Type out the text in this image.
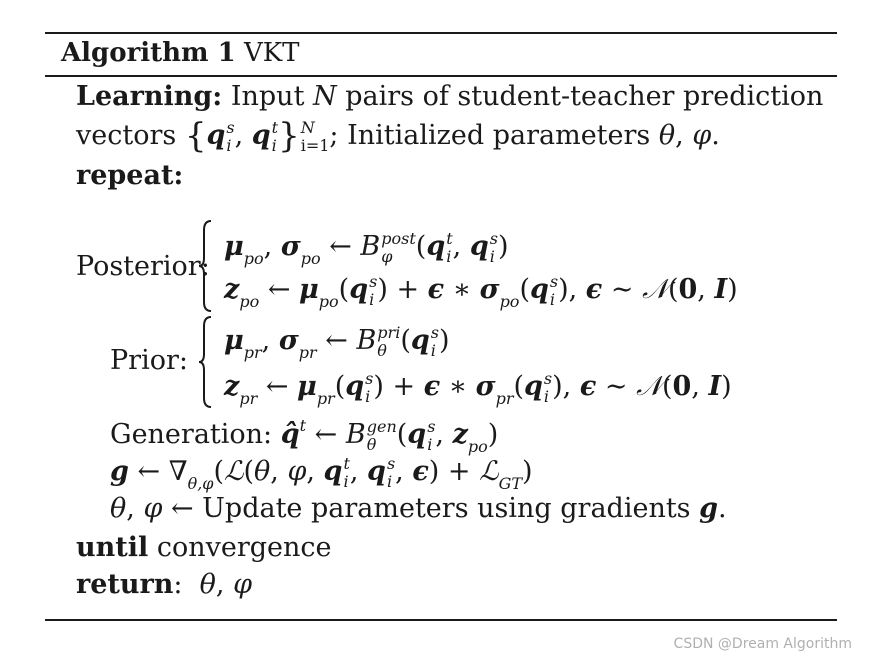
Algorithm 1 VKT
Learning: Input N pairs of student-teacher prediction
vectors {q s
i , q t
i } N
i=1 ; Initialized parameters θ, φ.
repeat:
Posterior:
$\mu_{po}$, $\sigma_{po}$ ← B post
φ (q t
i , q s
i )
$z_{po}$ ← $\mu_{po}(q$ s
i ) + ϵ ∗ $\sigma_{po}(q$ s
i ), ϵ ∼ 𝒩(0, I)
Prior:
$\mu_{pr}$, $\sigma_{pr}$ ← B pri
θ (q s
i )
$z_{pr}$ ← $\mu_{pr}(q$ s
i ) + ϵ ∗ $\sigma_{pr}(q$ s
i ), ϵ ∼ 𝒩(0, I)
Generation: q̂$^t$ ← B gen
θ (q s
i , $z_{po}$)
g ← $\nabla_{\theta,\varphi}(ℒ(\theta$, φ, q t
i , q s
i , ϵ) + ℒ$_{GT}$)
θ, φ ← Update parameters using gradients g.
until convergence
return: θ, φ
CSDN @Dream Algorithm
